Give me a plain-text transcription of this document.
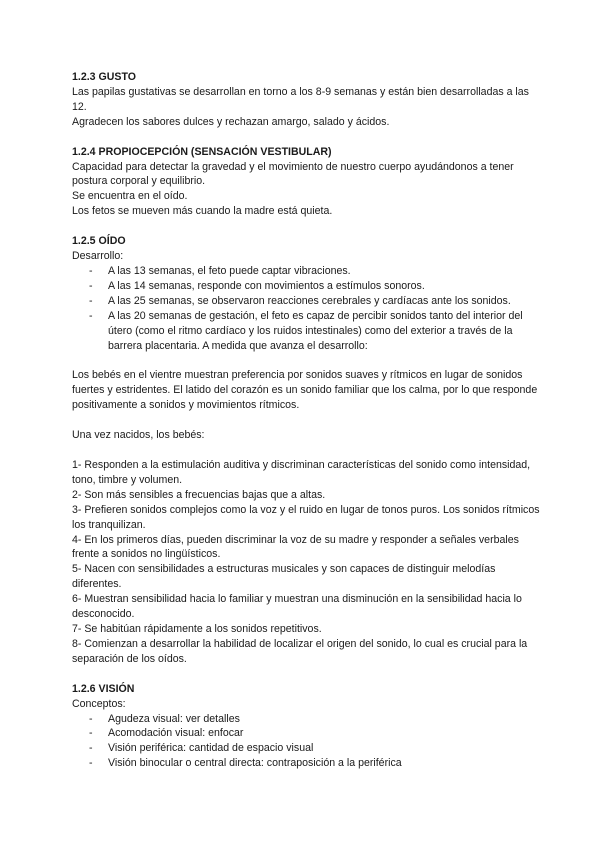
1.2.3 GUSTO

Las papilas gustativas se desarrollan en torno a los 8-9 semanas y están bien desarrolladas a las 12.

Agradecen los sabores dulces y rechazan amargo, salado y ácidos.

1.2.4 PROPIOCEPCIÓN (SENSACIÓN VESTIBULAR)

Capacidad para detectar la gravedad y el movimiento de nuestro cuerpo ayudándonos a tener postura corporal y equilibrio.

Se encuentra en el oído.

Los fetos se mueven más cuando la madre está quieta.

1.2.5 OÍDO

Desarrollo:

- A las 13 semanas, el feto puede captar vibraciones.
- A las 14 semanas, responde con movimientos a estímulos sonoros.
- A las 25 semanas, se observaron reacciones cerebrales y cardíacas ante los sonidos.
- A las 20 semanas de gestación, el feto es capaz de percibir sonidos tanto del interior del útero (como el ritmo cardíaco y los ruidos intestinales) como del exterior a través de la barrera placentaria. A medida que avanza el desarrollo:

Los bebés en el vientre muestran preferencia por sonidos suaves y rítmicos en lugar de sonidos fuertes y estridentes. El latido del corazón es un sonido familiar que los calma, por lo que responde positivamente a sonidos y movimientos rítmicos.

Una vez nacidos, los bebés:

1- Responden a la estimulación auditiva y discriminan características del sonido como intensidad, tono, timbre y volumen.

2- Son más sensibles a frecuencias bajas que a altas.

3- Prefieren sonidos complejos como la voz y el ruido en lugar de tonos puros. Los sonidos rítmicos los tranquilizan.

4- En los primeros días, pueden discriminar la voz de su madre y responder a señales verbales frente a sonidos no lingüísticos.

5- Nacen con sensibilidades a estructuras musicales y son capaces de distinguir melodías diferentes.

6- Muestran sensibilidad hacia lo familiar y muestran una disminución en la sensibilidad hacia lo desconocido.

7- Se habitúan rápidamente a los sonidos repetitivos.

8- Comienzan a desarrollar la habilidad de localizar el origen del sonido, lo cual es crucial para la separación de los oídos.

1.2.6 VISIÓN

Conceptos:

- Agudeza visual: ver detalles
- Acomodación visual: enfocar
- Visión periférica: cantidad de espacio visual
- Visión binocular o central directa: contraposición a la periférica
